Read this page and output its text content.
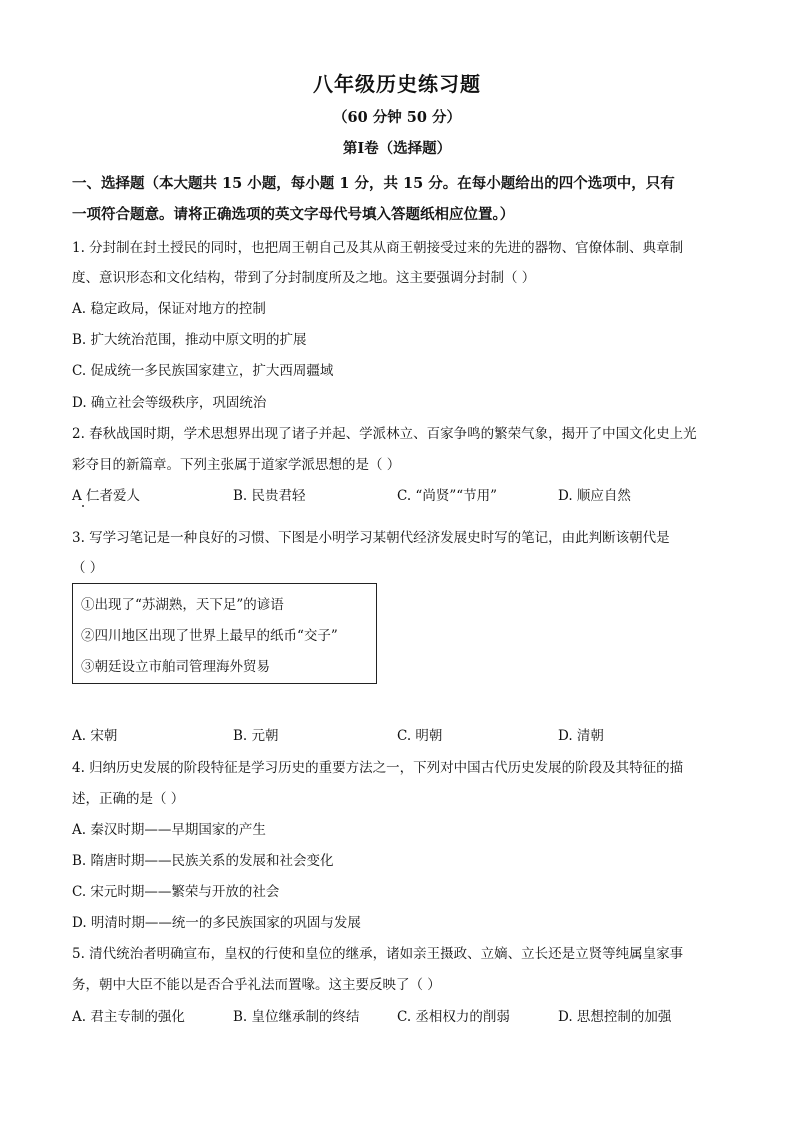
八年级历史练习题
（60 分钟 50 分）
第Ⅰ卷（选择题）
一、选择题（本大题共 15 小题，每小题 1 分，共 15 分。在每小题给出的四个选项中，只有
一项符合题意。请将正确选项的英文字母代号填入答题纸相应位置。）
1. 分封制在封土授民的同时，也把周王朝自己及其从商王朝接受过来的先进的器物、官僚体制、典章制
度、意识形态和文化结构，带到了分封制度所及之地。这主要强调分封制（ ）
A. 稳定政局，保证对地方的控制
B. 扩大统治范围，推动中原文明的扩展
C. 促成统一多民族国家建立，扩大西周疆域
D. 确立社会等级秩序，巩固统治
2. 春秋战国时期，学术思想界出现了诸子并起、学派林立、百家争鸣的繁荣气象，揭开了中国文化史上光
彩夺目的新篇章。下列主张属于道家学派思想的是（ ）
A 仁者爱人	B. 民贵君轻	C. “尚贤”“节用”	D. 顺应自然
3. 写学习笔记是一种良好的习惯、下图是小明学习某朝代经济发展史时写的笔记，由此判断该朝代是
（ ）
①出现了“苏湖熟，天下足”的谚语
②四川地区出现了世界上最早的纸币“交子”
③朝廷设立市舶司管理海外贸易
A. 宋朝	B. 元朝	C. 明朝	D. 清朝
4. 归纳历史发展的阶段特征是学习历史的重要方法之一，下列对中国古代历史发展的阶段及其特征的描
述，正确的是（ ）
A. 秦汉时期——早期国家的产生
B. 隋唐时期——民族关系的发展和社会变化
C. 宋元时期——繁荣与开放的社会
D. 明清时期——统一的多民族国家的巩固与发展
5. 清代统治者明确宣布，皇权的行使和皇位的继承，诸如亲王摄政、立嫡、立长还是立贤等纯属皇家事
务，朝中大臣不能以是否合乎礼法而置喙。这主要反映了（ ）
A. 君主专制的强化	B. 皇位继承制的终结	C. 丞相权力的削弱	D. 思想控制的加强
